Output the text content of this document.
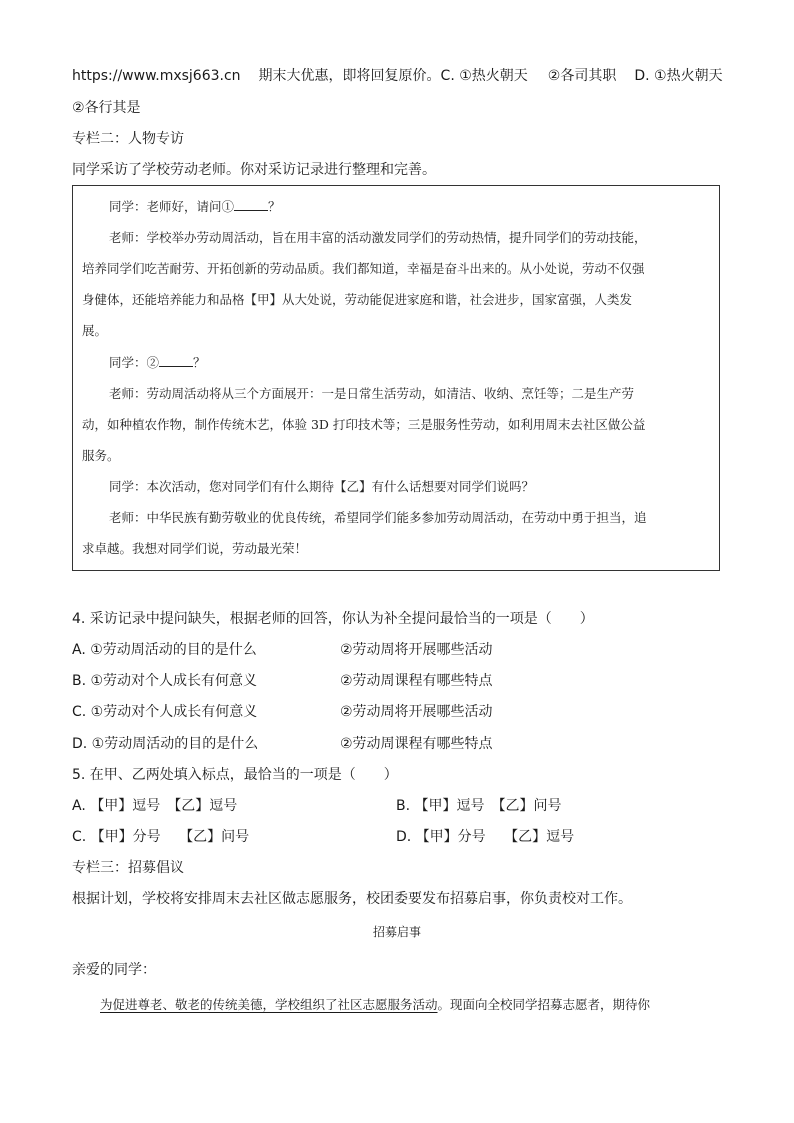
https://www.mxsj663.cn 期末大优惠，即将回复原价。C. ①热火朝天 ②各司其职 D. ①热火朝天
②各行其是
专栏二：人物专访
同学采访了学校劳动老师。你对采访记录进行整理和完善。
同学：老师好，请问①	？
老师：学校举办劳动周活动，旨在用丰富的活动激发同学们的劳动热情，提升同学们的劳动技能，
培养同学们吃苦耐劳、开拓创新的劳动品质。我们都知道，幸福是奋斗出来的。从小处说，劳动不仅强
身健体，还能培养能力和品格【甲】从大处说，劳动能促进家庭和谐，社会进步，国家富强，人类发
展。
同学：②	？
老师：劳动周活动将从三个方面展开：一是日常生活劳动，如清洁、收纳、烹饪等；二是生产劳
动，如种植农作物，制作传统木艺，体验 3D 打印技术等；三是服务性劳动，如利用周末去社区做公益
服务。
同学：本次活动，您对同学们有什么期待【乙】有什么话想要对同学们说吗？
老师：中华民族有勤劳敬业的优良传统，希望同学们能多参加劳动周活动，在劳动中勇于担当，追
求卓越。我想对同学们说，劳动最光荣！
4. 采访记录中提问缺失，根据老师的回答，你认为补全提问最恰当的一项是（　　）
A. ①劳动周活动的目的是什么	②劳动周将开展哪些活动
B. ①劳动对个人成长有何意义	②劳动周课程有哪些特点
C. ①劳动对个人成长有何意义	②劳动周将开展哪些活动
D. ①劳动周活动的目的是什么	②劳动周课程有哪些特点
5. 在甲、乙两处填入标点，最恰当的一项是（　　）
A. 【甲】逗号　【乙】逗号	B. 【甲】逗号　【乙】问号
C. 【甲】分号　 【乙】问号	D. 【甲】分号　 【乙】逗号
专栏三：招募倡议
根据计划，学校将安排周末去社区做志愿服务，校团委要发布招募启事，你负责校对工作。
招募启事
亲爱的同学：
为促进尊老、敬老的传统美德，学校组织了社区志愿服务活动。现面向全校同学招募志愿者，期待你
